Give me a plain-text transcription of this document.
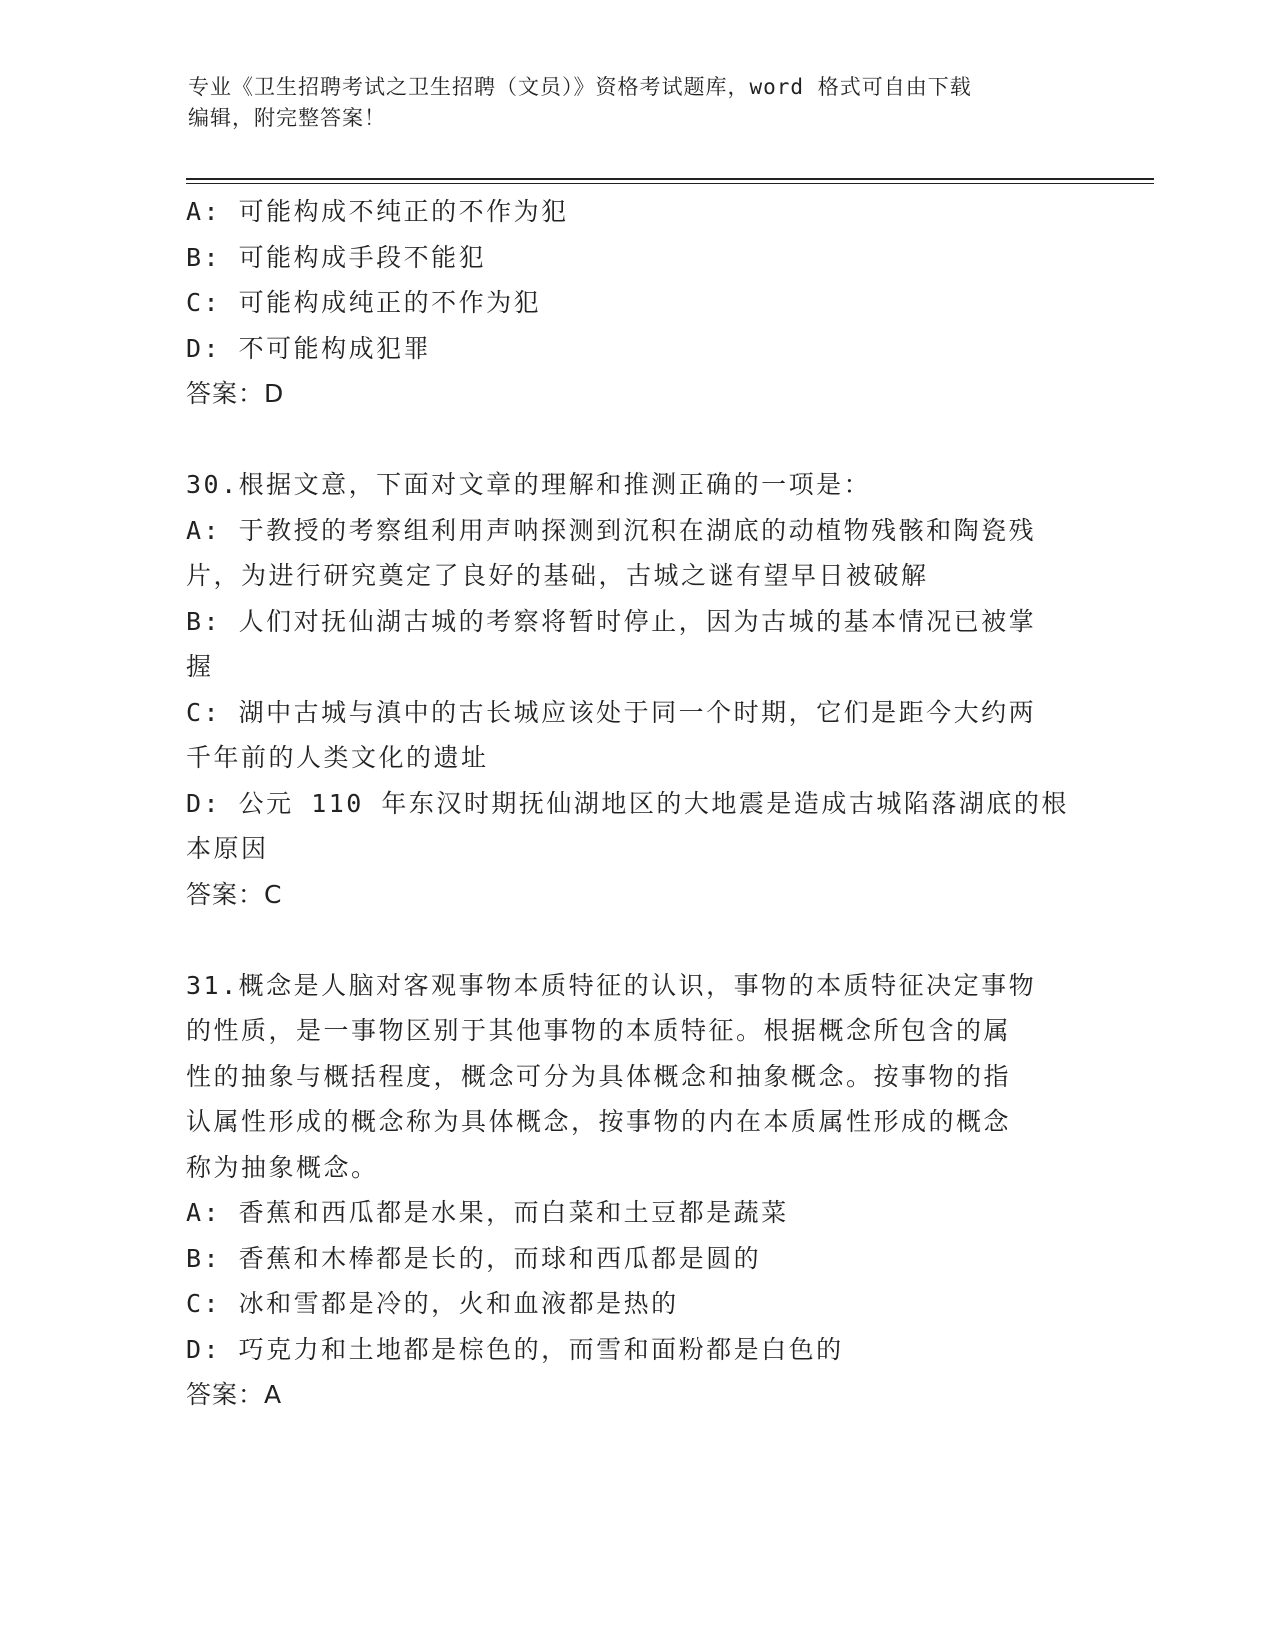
专业《卫生招聘考试之卫生招聘（文员）》资格考试题库，word 格式可自由下载
编辑，附完整答案！
A: 可能构成不纯正的不作为犯
B: 可能构成手段不能犯
C: 可能构成纯正的不作为犯
D: 不可能构成犯罪
答案：D
30.根据文意，下面对文章的理解和推测正确的一项是：
A: 于教授的考察组利用声呐探测到沉积在湖底的动植物残骸和陶瓷残
片，为进行研究奠定了良好的基础，古城之谜有望早日被破解
B: 人们对抚仙湖古城的考察将暂时停止，因为古城的基本情况已被掌
握
C: 湖中古城与滇中的古长城应该处于同一个时期，它们是距今大约两
千年前的人类文化的遗址
D: 公元 110 年东汉时期抚仙湖地区的大地震是造成古城陷落湖底的根
本原因
答案：C
31.概念是人脑对客观事物本质特征的认识，事物的本质特征决定事物
的性质，是一事物区别于其他事物的本质特征。根据概念所包含的属
性的抽象与概括程度，概念可分为具体概念和抽象概念。按事物的指
认属性形成的概念称为具体概念，按事物的内在本质属性形成的概念
称为抽象概念。
A: 香蕉和西瓜都是水果，而白菜和土豆都是蔬菜
B: 香蕉和木棒都是长的，而球和西瓜都是圆的
C: 冰和雪都是冷的，火和血液都是热的
D: 巧克力和土地都是棕色的，而雪和面粉都是白色的
答案：A
